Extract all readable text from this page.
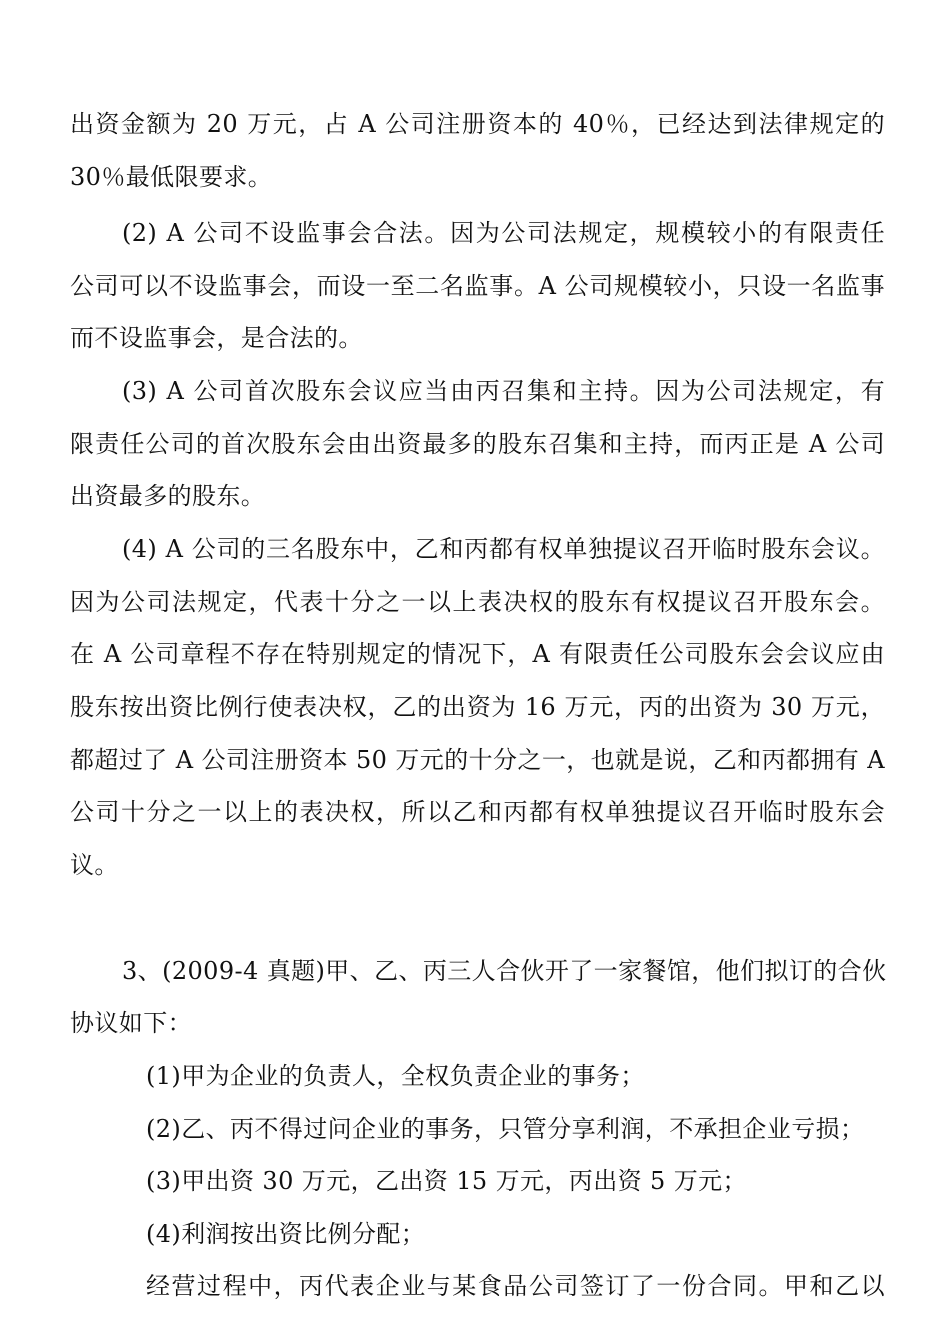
出资金额为 20 万元，占 A 公司注册资本的 40％，已经达到法律规定的
30％最低限要求。
(2) A 公司不设监事会合法。因为公司法规定，规模较小的有限责任
公司可以不设监事会，而设一至二名监事。A 公司规模较小，只设一名监事
而不设监事会，是合法的。
(3) A 公司首次股东会议应当由丙召集和主持。因为公司法规定，有
限责任公司的首次股东会由出资最多的股东召集和主持，而丙正是 A 公司
出资最多的股东。
(4) A 公司的三名股东中，乙和丙都有权单独提议召开临时股东会议。
因为公司法规定，代表十分之一以上表决权的股东有权提议召开股东会。
在 A 公司章程不存在特别规定的情况下，A 有限责任公司股东会会议应由
股东按出资比例行使表决权，乙的出资为 16 万元，丙的出资为 30 万元，
都超过了 A 公司注册资本 50 万元的十分之一，也就是说，乙和丙都拥有 A
公司十分之一以上的表决权，所以乙和丙都有权单独提议召开临时股东会
议。
3、(2009-4 真题)甲、乙、丙三人合伙开了一家餐馆，他们拟订的合伙
协议如下：
(1)甲为企业的负责人，全权负责企业的事务；
(2)乙、丙不得过问企业的事务，只管分享利润，不承担企业亏损；
(3)甲出资 30 万元，乙出资 15 万元，丙出资 5 万元；
(4)利润按出资比例分配；
经营过程中，丙代表企业与某食品公司签订了一份合同。甲和乙以
